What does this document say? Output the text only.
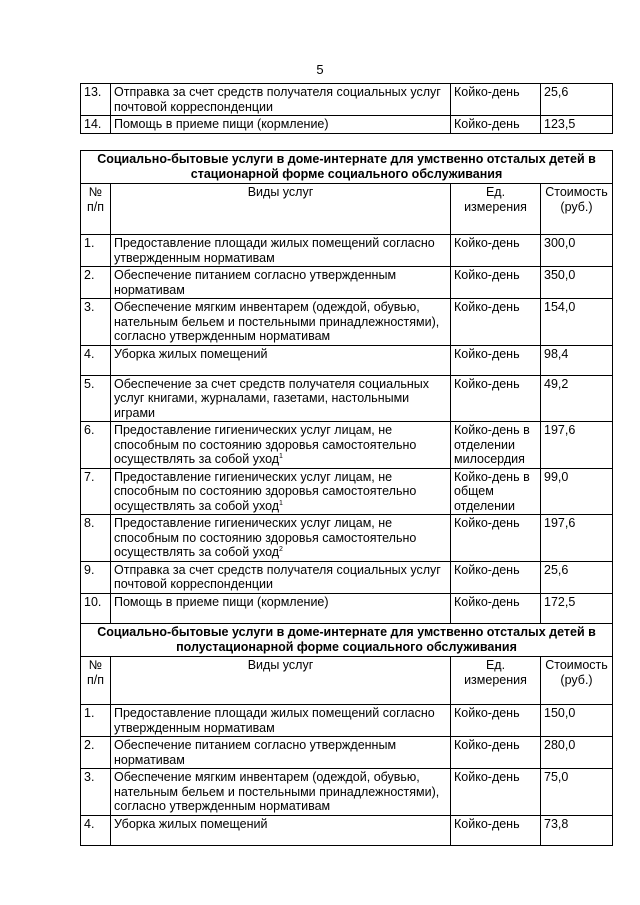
5
13.	Отправка за счет средств получателя социальных услуг почтовой корреспонденции	Койко-день	25,6
14.	Помощь в приеме пищи (кормление)	Койко-день	123,5
Социально-бытовые услуги в доме-интернате для умственно отсталых детей в стационарной форме социального обслуживания			
№ п/п	Виды услуг	Ед. измерения	Стоимость (руб.)
1.	Предоставление площади жилых помещений согласно утвержденным нормативам	Койко-день	300,0
2.	Обеспечение питанием согласно утвержденным нормативам	Койко-день	350,0
3.	Обеспечение мягким инвентарем (одеждой, обувью, нательным бельем и постельными принадлежностями), согласно утвержденным нормативам	Койко-день	154,0
4.	Уборка жилых помещений	Койко-день	98,4
5.	Обеспечение за счет средств получателя социальных услуг книгами, журналами, газетами, настольными играми	Койко-день	49,2
6.	Предоставление гигиенических услуг лицам, не способным по состоянию здоровья самостоятельно осуществлять за собой уход$^1$	Койко-день в отделении милосердия	197,6
7.	Предоставление гигиенических услуг лицам, не способным по состоянию здоровья самостоятельно осуществлять за собой уход$^1$	Койко-день в общем отделении	99,0
8.	Предоставление гигиенических услуг лицам, не способным по состоянию здоровья самостоятельно осуществлять за собой уход$^2$	Койко-день	197,6
9.	Отправка за счет средств получателя социальных услуг почтовой корреспонденции	Койко-день	25,6
10.	Помощь в приеме пищи (кормление)	Койко-день	172,5
Социально-бытовые услуги в доме-интернате для умственно отсталых детей в полустационарной форме социального обслуживания			
№ п/п	Виды услуг	Ед. измерения	Стоимость (руб.)
1.	Предоставление площади жилых помещений согласно утвержденным нормативам	Койко-день	150,0
2.	Обеспечение питанием согласно утвержденным нормативам	Койко-день	280,0
3.	Обеспечение мягким инвентарем (одеждой, обувью, нательным бельем и постельными принадлежностями), согласно утвержденным нормативам	Койко-день	75,0
4.	Уборка жилых помещений	Койко-день	73,8
